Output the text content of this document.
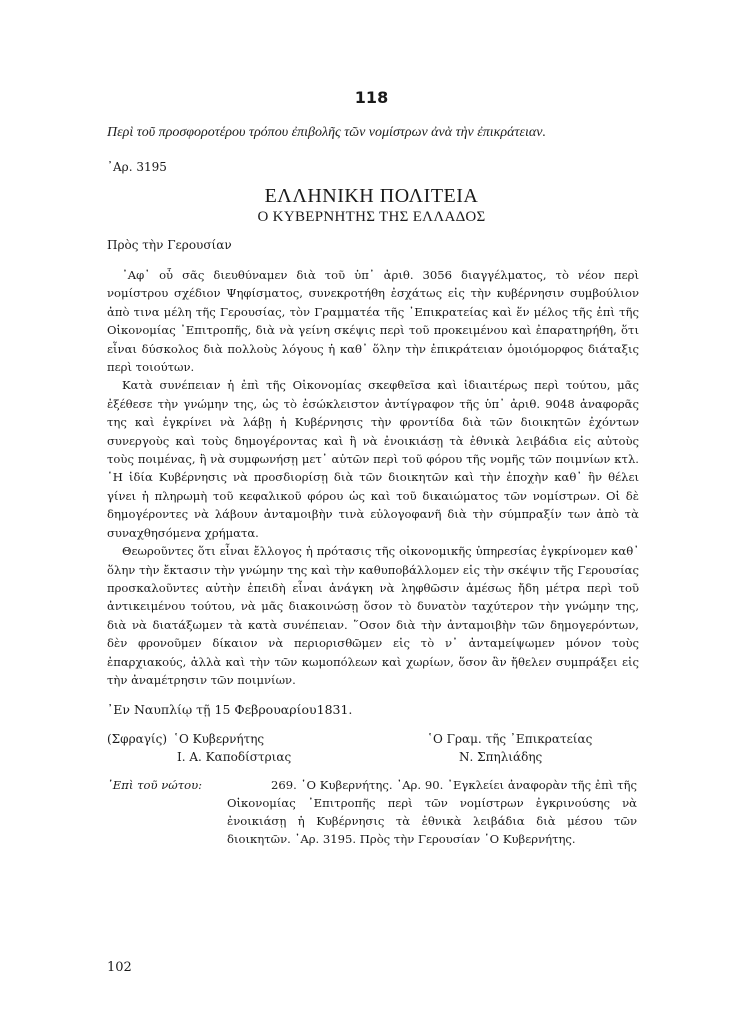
118
Περὶ τοῦ προσφοροτέρου τρόπου ἐπιβολῆς τῶν νομίστρων ἀνὰ τὴν ἐπικράτειαν.
᾿Αρ. 3195
ΕΛΛΗΝΙΚΗ ΠΟΛΙΤΕΙΑ
Ο ΚΥΒΕΡΝΗΤΗΣ ΤΗΣ ΕΛΛΑΔΟΣ
Πρὸς τὴν Γερουσίαν

᾿Αφ᾿ οὗ σᾶς διευθύναμεν διὰ τοῦ ὑπ᾿ ἀριθ. 3056 διαγγέλματος, τὸ νέον περὶ νομίστρου σχέδιον Ψηφίσματος, συνεκροτήθη ἐσχάτως εἰς τὴν κυβέρνησιν συμβούλιον ἀπὸ τινα μέλη τῆς Γερουσίας, τὸν Γραμματέα τῆς ᾿Επικρατείας καὶ ἕν μέλος τῆς ἐπὶ τῆς Οἰκονομίας ᾿Επιτροπῆς, διὰ νὰ γείνη σκέψις περὶ τοῦ προκειμένου καὶ ἐπαρατηρήθη, ὅτι εἶναι δύσκολος διὰ πολλοὺς λόγους ἡ καθ᾿ ὅλην τὴν ἐπικράτειαν ὁμοιόμορφος διάταξις περὶ τοιούτων.

Κατὰ συνέπειαν ἡ ἐπὶ τῆς Οἰκονομίας σκεφθεῖσα καὶ ἰδιαιτέρως περὶ τούτου, μᾶς ἐξέθεσε τὴν γνώμην της, ὡς τὸ ἐσώκλειστον ἀντίγραφον τῆς ὑπ᾿ ἀριθ. 9048 ἀναφορᾶς της καὶ ἐγκρίνει νὰ λάβῃ ἡ Κυβέρνησις τὴν φροντίδα διὰ τῶν διοικητῶν ἐχόντων συνεργοὺς καὶ τοὺς δημογέροντας καὶ ἢ νὰ ἐνοικιάσῃ τὰ ἐθνικὰ λειβάδια εἰς αὐτοὺς τοὺς ποιμένας, ἢ νὰ συμφωνήσῃ μετ᾿ αὐτῶν περὶ τοῦ φόρου τῆς νομῆς τῶν ποιμνίων κτλ. ῾Η ἰδία Κυβέρνησις νὰ προσδιορίσῃ διὰ τῶν διοικητῶν καὶ τὴν ἐποχὴν καθ᾿ ἣν θέλει γίνει ἡ πληρωμὴ τοῦ κεφαλικοῦ φόρου ὡς καὶ τοῦ δικαιώματος τῶν νομίστρων. Οἱ δὲ δημογέροντες νὰ λάβουν ἀνταμοιβὴν τινὰ εὐλογοφανῆ διὰ τὴν σύμπραξίν των ἀπὸ τὰ συναχθησόμενα χρήματα.

Θεωροῦντες ὅτι εἶναι ἔλλογος ἡ πρότασις τῆς οἰκονομικῆς ὑπηρεσίας ἐγκρίνομεν καθ᾿ ὅλην τὴν ἔκτασιν τὴν γνώμην της καὶ τὴν καθυποβάλλομεν εἰς τὴν σκέψιν τῆς Γερουσίας προσκαλοῦντες αὐτὴν ἐπειδὴ εἶναι ἀνάγκη νὰ ληφθῶσιν ἀμέσως ἤδη μέτρα περὶ τοῦ ἀντικειμένου τούτου, νὰ μᾶς διακοινώσῃ ὅσον τὸ δυνατὸν ταχύτερον τὴν γνώμην της, διὰ νὰ διατάξωμεν τὰ κατὰ συνέπειαν. ῞Οσον διὰ τὴν ἀνταμοιβὴν τῶν δημογερόντων, δὲν φρονοῦμεν δίκαιον νὰ περιορισθῶμεν εἰς τὸ ν᾿ ἀνταμείψωμεν μόνον τοὺς ἐπαρχιακούς, ἀλλὰ καὶ τὴν τῶν κωμοπόλεων καὶ χωρίων, ὅσον ἂν ἤθελεν συμπράξει εἰς τὴν ἀναμέτρησιν τῶν ποιμνίων.

᾿Εν Ναυπλίῳ τῇ 15 Φεβρουαρίου1831.
(Σφραγίς) ῾Ο Κυβερνήτης
Ι. Α. Καποδίστριας
῾Ο Γραμ. τῆς ᾿Επικρατείας
Ν. Σπηλιάδης
᾿Επὶ τοῦ νώτου:	269. ῾Ο Κυβερνήτης. ᾿Αρ. 90. ᾿Εγκλείει ἀναφορὰν τῆς ἐπὶ τῆς Οἰκονομίας ᾿Επιτροπῆς περὶ τῶν νομίστρων ἐγκρινούσης νὰ ἐνοικιάσῃ ἡ Κυβέρνησις τὰ ἐθνικὰ λειβάδια διὰ μέσου τῶν διοικητῶν. ᾿Αρ. 3195. Πρὸς τὴν Γερουσίαν ῾Ο Κυβερνήτης.
102
